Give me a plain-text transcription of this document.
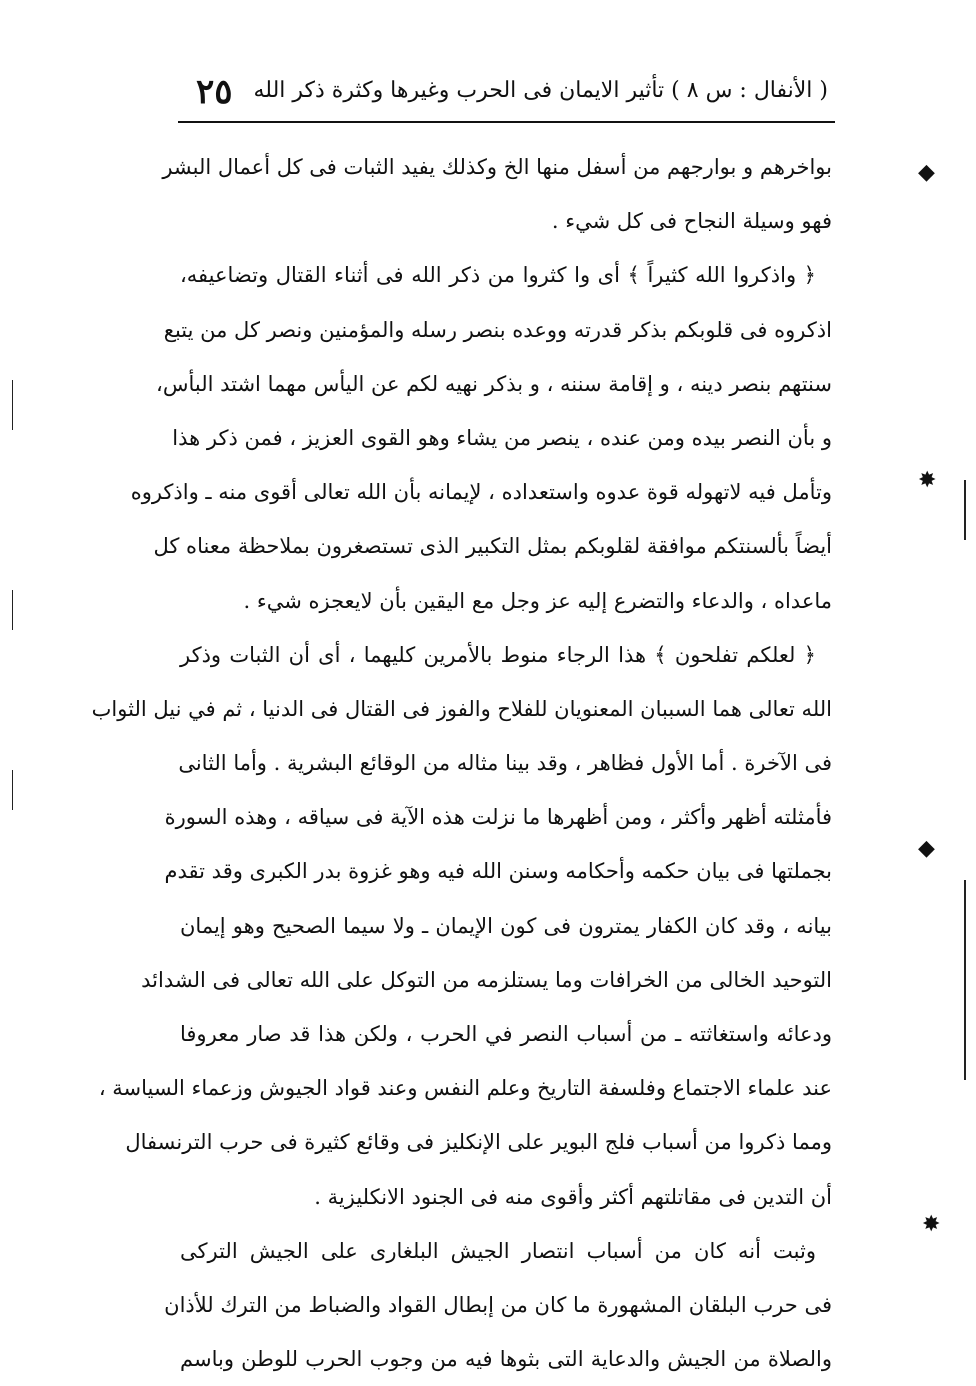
( الأنفال : س ٨ ) تأثير الايمان فى الحرب وغيرها وكثرة ذكر الله
٢٥
بواخرهم و بوارجهم من أسفل منها الخ وكذلك يفيد الثبات فى كل أعمال البشر
فهو وسيلة النجاح فى كل شيء .
﴿ واذكروا الله كثيراً ﴾ أى وا كثروا من ذكر الله فى أثناء القتال وتضاعيفه،
اذكروه فى قلوبكم بذكر قدرته ووعده بنصر رسله والمؤمنين ونصر كل من يتبع
سنتهم بنصر دينه ، و إقامة سننه ، و بذكر نهيه لكم عن اليأس مهما اشتد البأس،
و بأن النصر بيده ومن عنده ، ينصر من يشاء وهو القوى العزيز ، فمن ذكر هذا
وتأمل فيه لاتهوله قوة عدوه واستعداده ، لإيمانه بأن الله تعالى أقوى منه ـ واذكروه
أيضاً بألسنتكم موافقة لقلوبكم بمثل التكبير الذى تستصغرون بملاحظة معناه كل
ماعداه ، والدعاء والتضرع إليه عز وجل مع اليقين بأن لايعجزه شيء .
﴿ لعلكم تفلحون ﴾ هذا الرجاء منوط بالأمرين كليهما ، أى أن الثبات وذكر
الله تعالى هما السببان المعنويان للفلاح والفوز فى القتال فى الدنيا ، ثم في نيل الثواب
فى الآخرة . أما الأول فظاهر ، وقد بينا مثاله من الوقائع البشرية . وأما الثانى
فأمثلته أظهر وأكثر ، ومن أظهرها ما نزلت هذه الآية فى سياقه ، وهذه السورة
بجملتها فى بيان حكمه وأحكامه وسنن الله فيه وهو غزوة بدر الكبرى وقد تقدم
بيانه ، وقد كان الكفار يمترون فى كون الإيمان ـ ولا سيما الصحيح وهو إيمان
التوحيد الخالى من الخرافات وما يستلزمه من التوكل على الله تعالى فى الشدائد
ودعائه واستغاثته ـ من أسباب النصر في الحرب ، ولكن هذا قد صار معروفا
عند علماء الاجتماع وفلسفة التاريخ وعلم النفس وعند قواد الجيوش وزعماء السياسة ،
ومما ذكروا من أسباب فلج البوير على الإنكليز فى وقائع كثيرة فى حرب الترنسفال
أن التدين فى مقاتلتهم أكثر وأقوى منه فى الجنود الانكليزية .
وثبت أنه كان من أسباب انتصار الجيش البلغارى على الجيش التركى
فى حرب البلقان المشهورة ما كان من إبطال القواد والضباط من الترك للأذان
والصلاة من الجيش والدعاية التى بثوها فيه من وجوب الحرب للوطن وباسم
◆
✸
◆
✸
